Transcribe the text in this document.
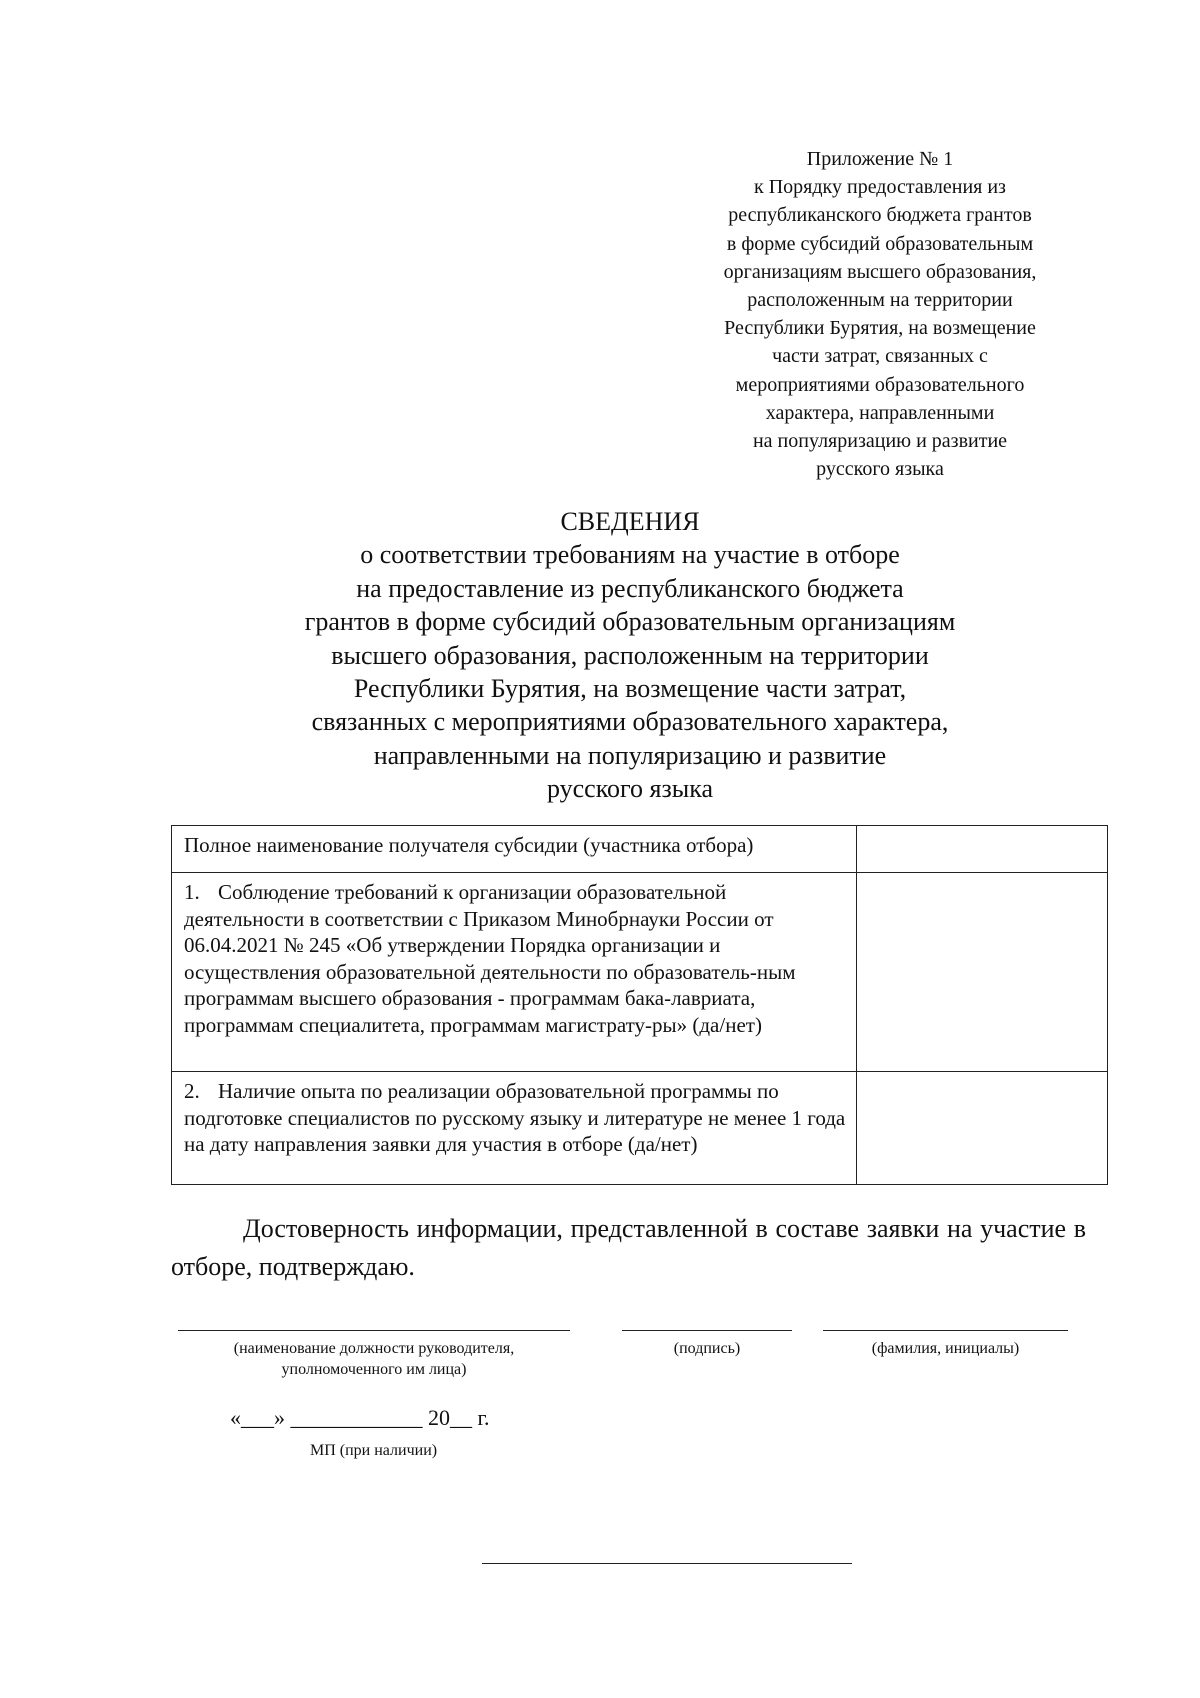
Приложение № 1
к Порядку предоставления из
республиканского бюджета грантов
в форме субсидий образовательным
организациям высшего образования,
расположенным на территории
Республики Бурятия, на возмещение
части затрат, связанных с
мероприятиями образовательного
характера, направленными
на популяризацию и развитие
русского языка
СВЕДЕНИЯ
о соответствии требованиям на участие в отборе
на предоставление из республиканского бюджета
грантов в форме субсидий образовательным организациям
высшего образования, расположенным на территории
Республики Бурятия, на возмещение части затрат,
связанных с мероприятиями образовательного характера,
направленными на популяризацию и развитие
русского языка
Полное наименование получателя субсидии (участника отбора)	
1. Соблюдение требований к организации образовательной деятельности в соответствии с Приказом Минобрнауки России от 06.04.2021 № 245 «Об утверждении Порядка организации и осуществления образовательной деятельности по образователь-ным программам высшего образования - программам бака-лавриата, программам специалитета, программам магистрату-ры» (да/нет)	
2. Наличие опыта по реализации образовательной программы по подготовке специалистов по русскому языку и литературе не менее 1 года на дату направления заявки для участия в отборе (да/нет)	
Достоверность информации, представленной в составе заявки на участие в отборе, подтверждаю.
(наименование должности руководителя,
уполномоченного им лица)
(подпись)	(фамилия, инициалы)
«___» ____________ 20__ г.
МП (при наличии)
